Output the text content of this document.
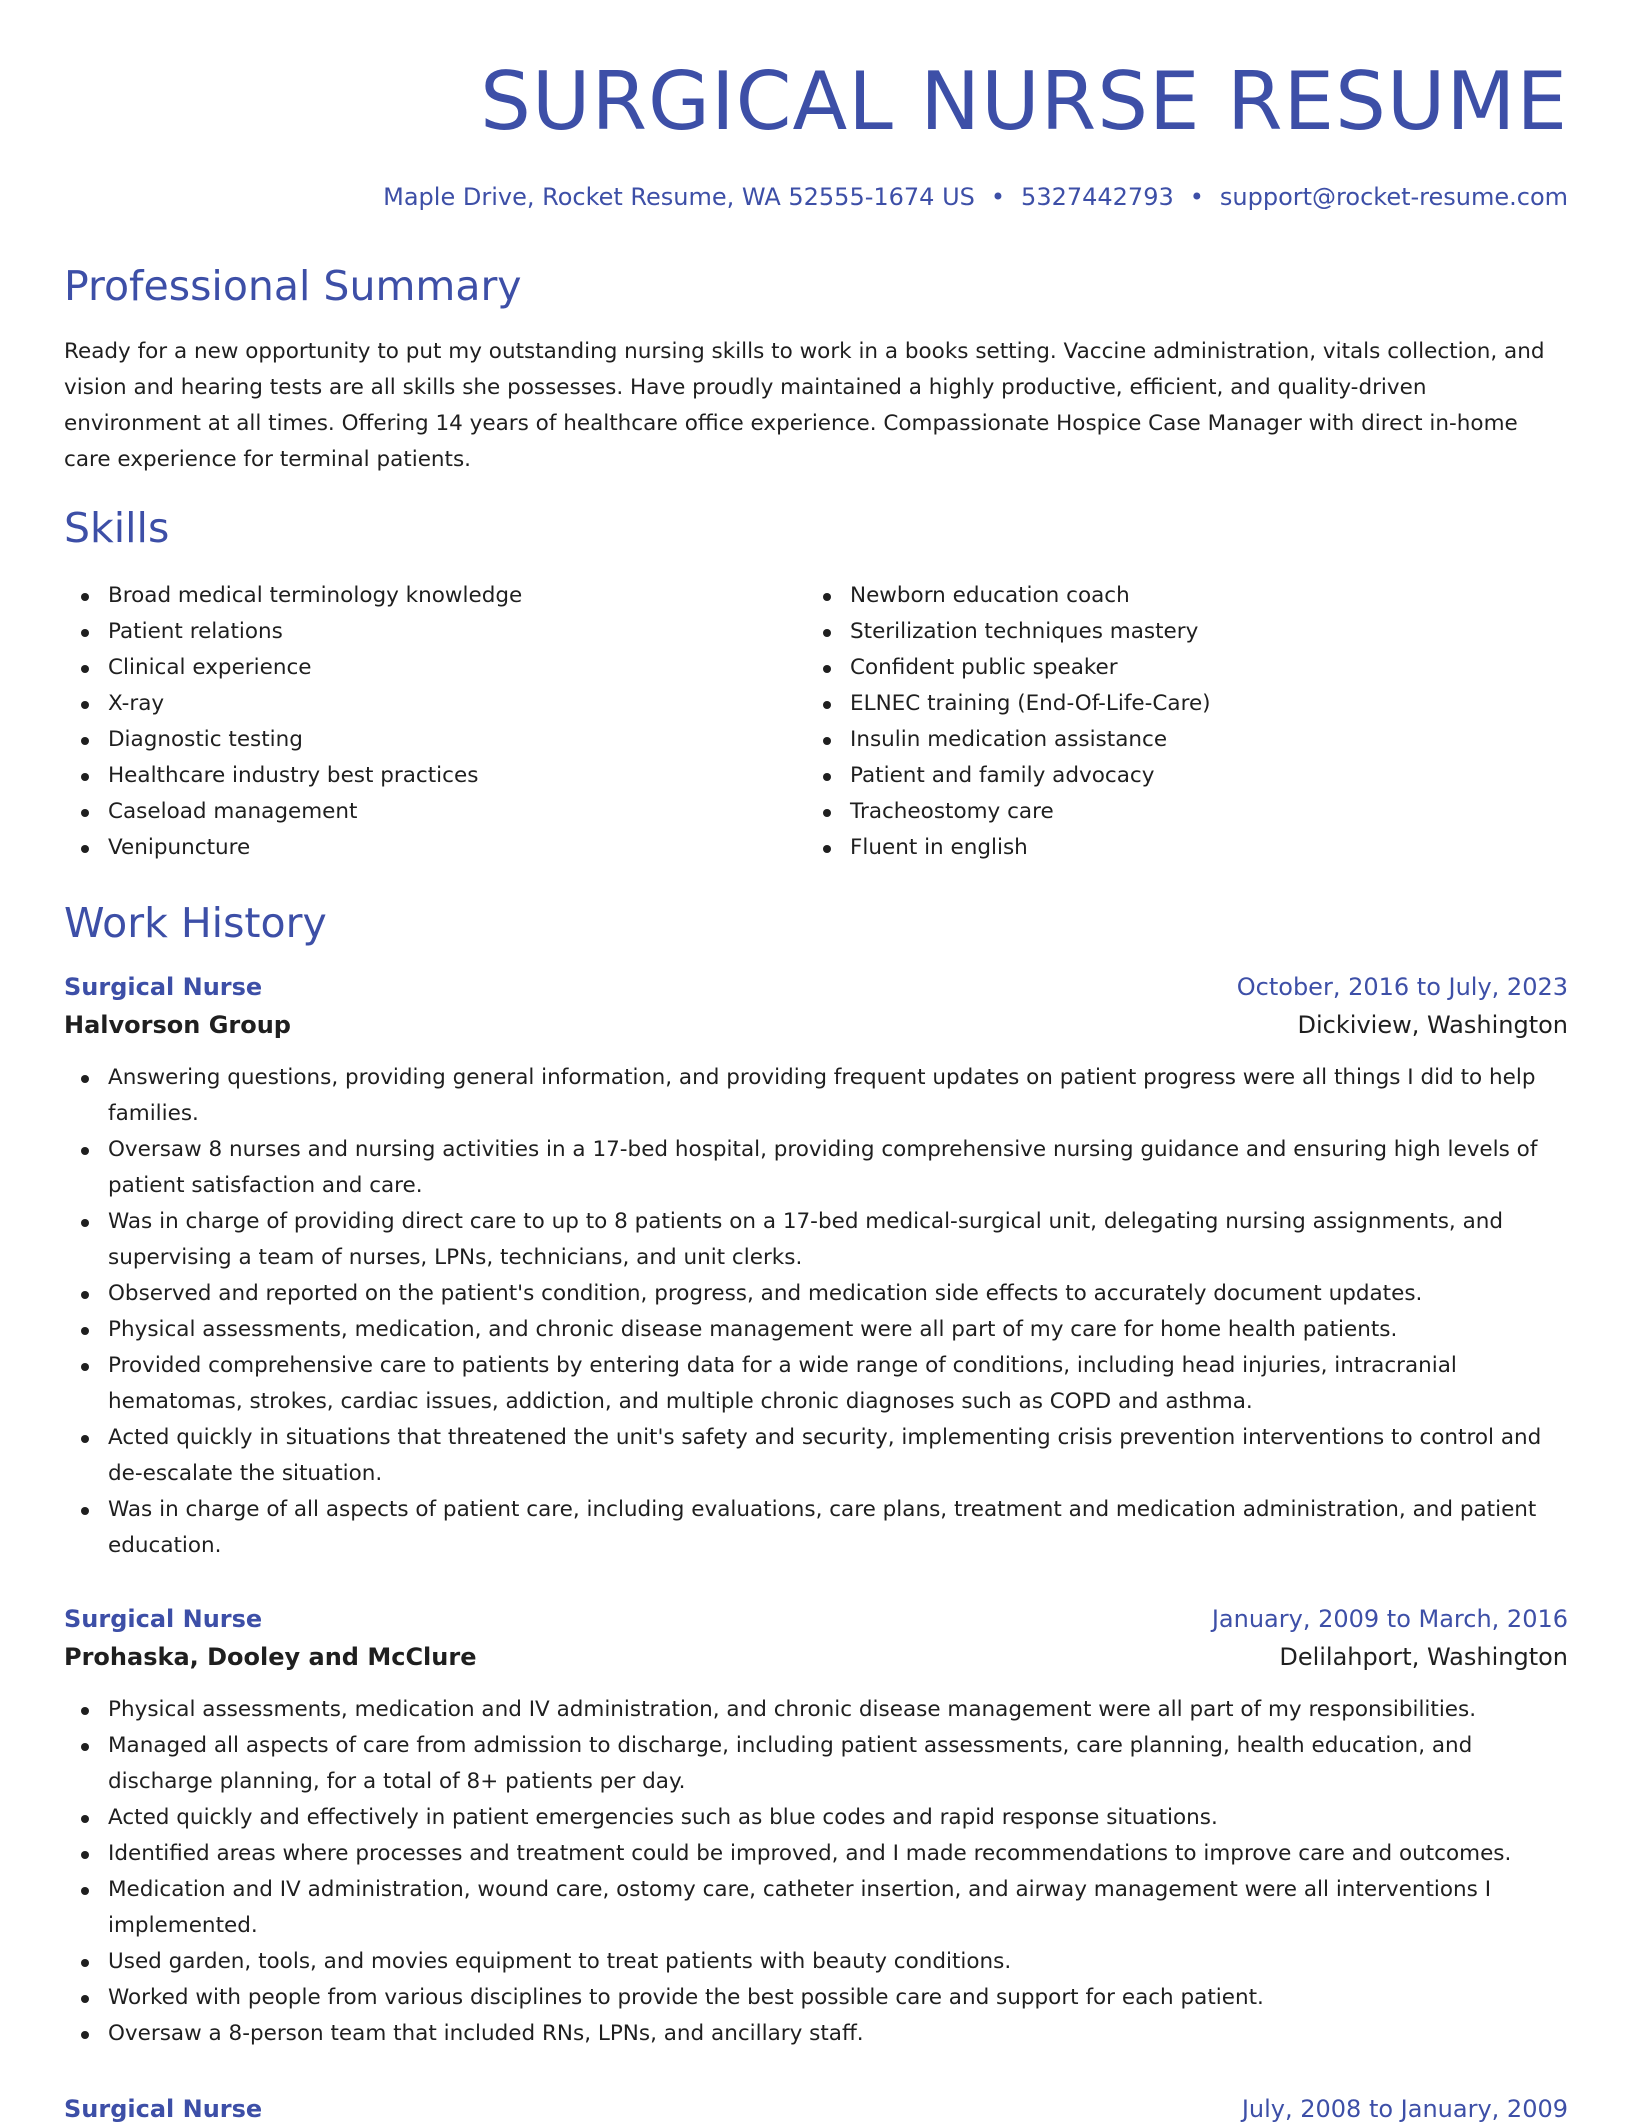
SURGICAL NURSE RESUME
Maple Drive, Rocket Resume, WA 52555-1674 US • 5327442793 • support@rocket-resume.com
Professional Summary

Ready for a new opportunity to put my outstanding nursing skills to work in a books setting. Vaccine administration, vitals collection, and vision and hearing tests are all skills she possesses. Have proudly maintained a highly productive, efficient, and quality-driven environment at all times. Offering 14 years of healthcare office experience. Compassionate Hospice Case Manager with direct in-home care experience for terminal patients.

Skills
Broad medical terminology knowledge
Patient relations
Clinical experience
X-ray
Diagnostic testing
Healthcare industry best practices
Caseload management
Venipuncture
Newborn education coach
Sterilization techniques mastery
Confident public speaker
ELNEC training (End-Of-Life-Care)
Insulin medication assistance
Patient and family advocacy
Tracheostomy care
Fluent in english
Work History
Surgical Nurse	October, 2016 to July, 2023
Halvorson Group	Dickiview, Washington
Answering questions, providing general information, and providing frequent updates on patient progress were all things I did to help families.
Oversaw 8 nurses and nursing activities in a 17-bed hospital, providing comprehensive nursing guidance and ensuring high levels of patient satisfaction and care.
Was in charge of providing direct care to up to 8 patients on a 17-bed medical-surgical unit, delegating nursing assignments, and supervising a team of nurses, LPNs, technicians, and unit clerks.
Observed and reported on the patient's condition, progress, and medication side effects to accurately document updates.
Physical assessments, medication, and chronic disease management were all part of my care for home health patients.
Provided comprehensive care to patients by entering data for a wide range of conditions, including head injuries, intracranial hematomas, strokes, cardiac issues, addiction, and multiple chronic diagnoses such as COPD and asthma.
Acted quickly in situations that threatened the unit's safety and security, implementing crisis prevention interventions to control and de-escalate the situation.
Was in charge of all aspects of patient care, including evaluations, care plans, treatment and medication administration, and patient education.
Surgical Nurse	January, 2009 to March, 2016
Prohaska, Dooley and McClure	Delilahport, Washington
Physical assessments, medication and IV administration, and chronic disease management were all part of my responsibilities.
Managed all aspects of care from admission to discharge, including patient assessments, care planning, health education, and discharge planning, for a total of 8+ patients per day.
Acted quickly and effectively in patient emergencies such as blue codes and rapid response situations.
Identified areas where processes and treatment could be improved, and I made recommendations to improve care and outcomes.
Medication and IV administration, wound care, ostomy care, catheter insertion, and airway management were all interventions I implemented.
Used garden, tools, and movies equipment to treat patients with beauty conditions.
Worked with people from various disciplines to provide the best possible care and support for each patient.
Oversaw a 8-person team that included RNs, LPNs, and ancillary staff.
Surgical Nurse	July, 2008 to January, 2009
